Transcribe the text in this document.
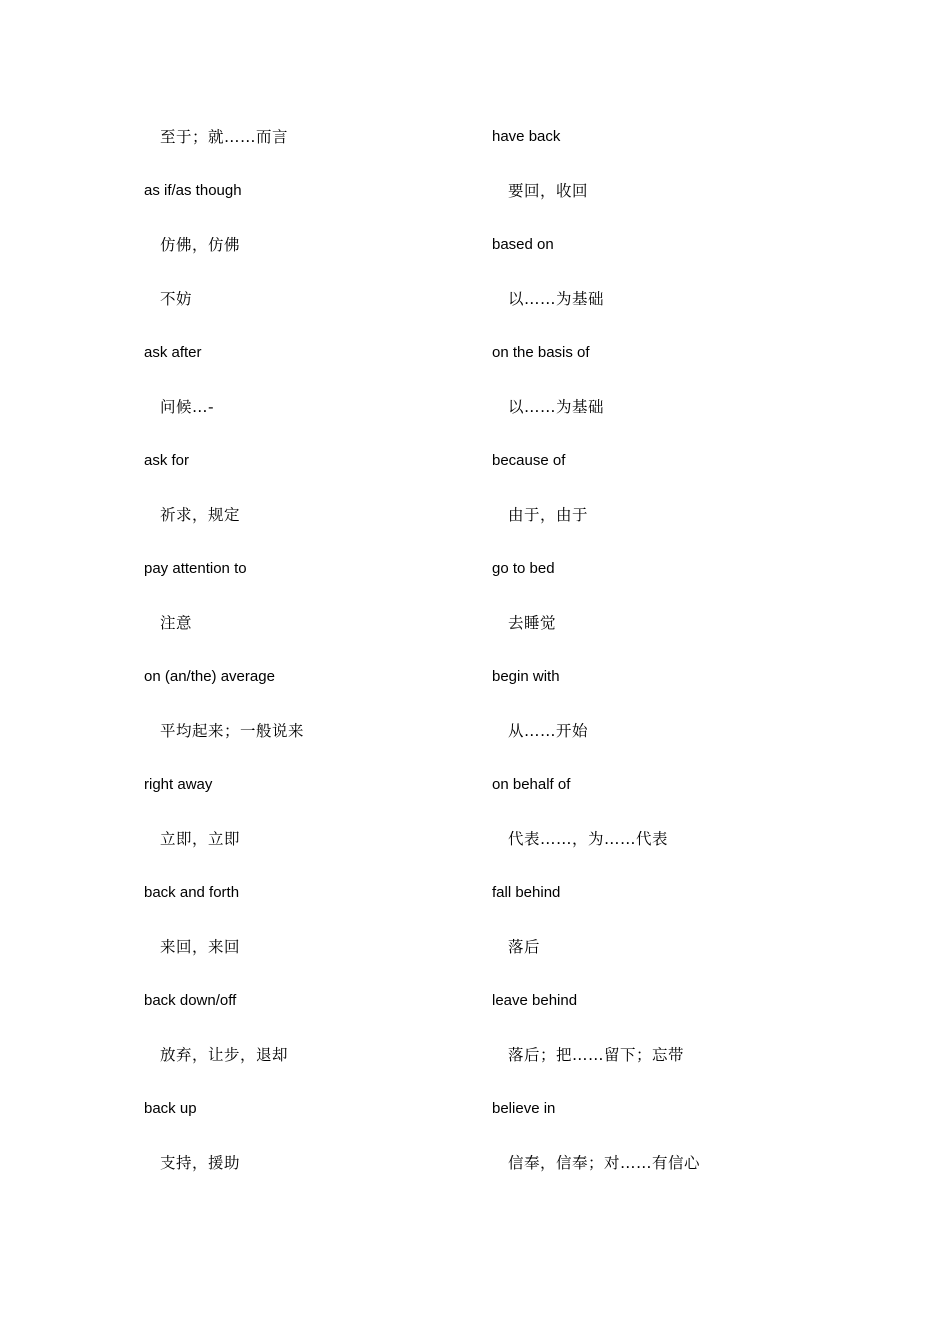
至于；就……而言
as if/as though
仿佛，仿佛
不妨
ask after
问候…-
ask for
祈求，规定
pay attention to
注意
on (an/the) average
平均起来；一般说来
right away
立即，立即
back and forth
来回，来回
back down/off
放弃，让步，退却
back up
支持，援助
have back
要回，收回
based on
以……为基础
on the basis of
以……为基础
because of
由于，由于
go to bed
去睡觉
begin with
从……开始
on behalf of
代表……，为……代表
fall behind
落后
leave behind
落后；把……留下；忘带
believe in
信奉，信奉；对……有信心
